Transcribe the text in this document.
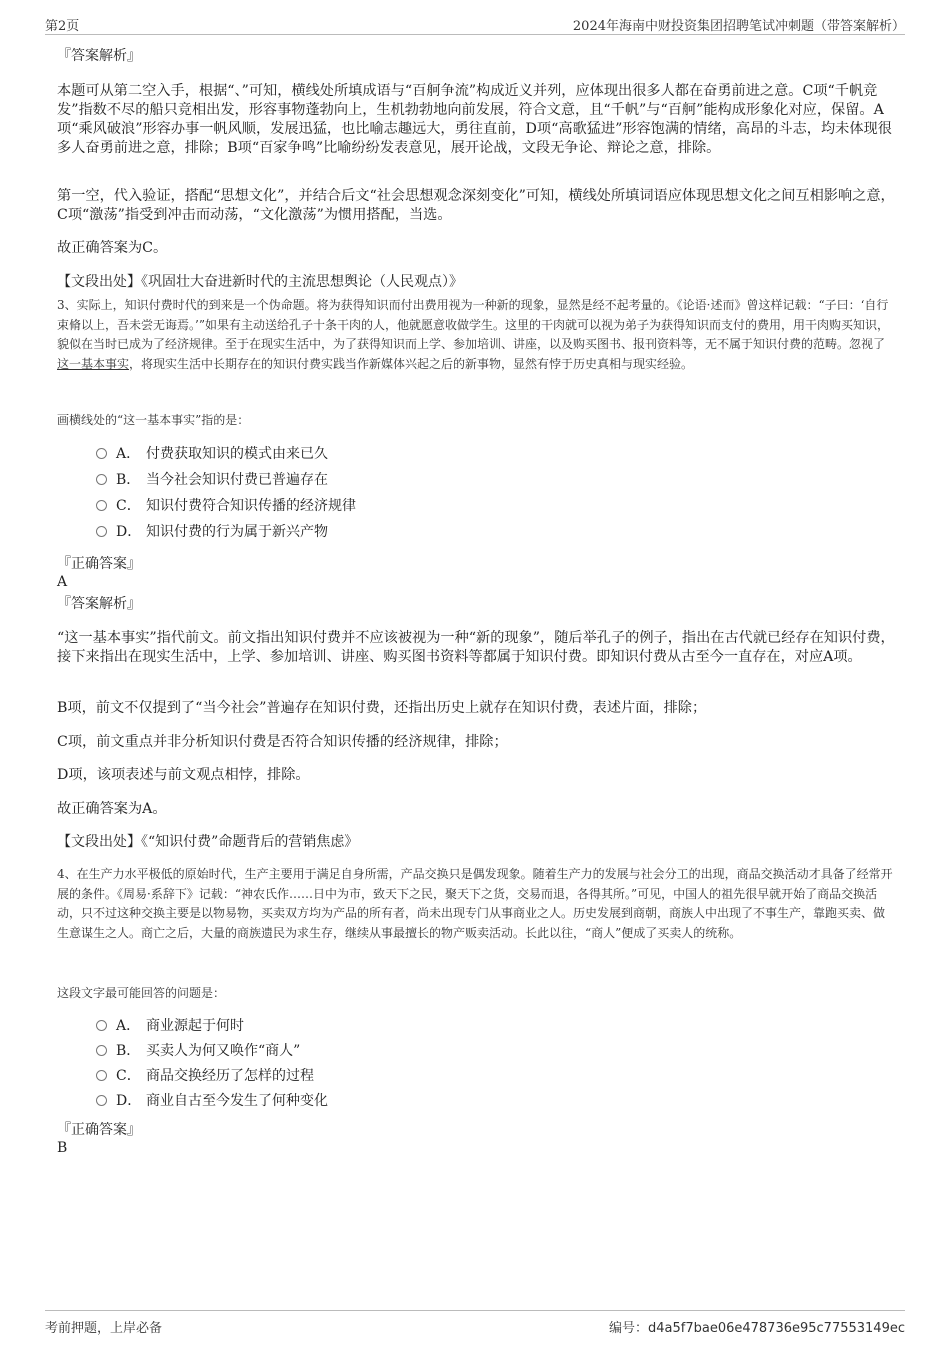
第2页	2024年海南中财投资集团招聘笔试冲刺题（带答案解析）
『答案解析』
本题可从第二空入手，根据“、”可知，横线处所填成语与“百舸争流”构成近义并列，应体现出很多人都在奋勇前进之意。C项“千帆竞发”指数不尽的船只竞相出发，形容事物蓬勃向上，生机勃勃地向前发展，符合文意，且“千帆”与“百舸”能构成形象化对应，保留。A项“乘风破浪”形容办事一帆风顺，发展迅猛，也比喻志趣远大，勇往直前，D项“高歌猛进”形容饱满的情绪，高昂的斗志，均未体现很多人奋勇前进之意，排除；B项“百家争鸣”比喻纷纷发表意见，展开论战，文段无争论、辩论之意，排除。
第一空，代入验证，搭配“思想文化”，并结合后文“社会思想观念深刻变化”可知，横线处所填词语应体现思想文化之间互相影响之意，C项“激荡”指受到冲击而动荡，“文化激荡”为惯用搭配，当选。
故正确答案为C。
【文段出处】《巩固壮大奋进新时代的主流思想舆论（人民观点）》
3、实际上，知识付费时代的到来是一个伪命题。将为获得知识而付出费用视为一种新的现象，显然是经不起考量的。《论语·述而》曾这样记载：“子曰：‘自行束脩以上，吾未尝无诲焉。’”如果有主动送给孔子十条干肉的人，他就愿意收做学生。这里的干肉就可以视为弟子为获得知识而支付的费用，用干肉购买知识，貌似在当时已成为了经济规律。至于在现实生活中，为了获得知识而上学、参加培训、讲座，以及购买图书、报刊资料等，无不属于知识付费的范畴。忽视了这一基本事实，将现实生活中长期存在的知识付费实践当作新媒体兴起之后的新事物，显然有悖于历史真相与现实经验。
画横线处的“这一基本事实”指的是：
A． 付费获取知识的模式由来已久
B． 当今社会知识付费已普遍存在
C． 知识付费符合知识传播的经济规律
D． 知识付费的行为属于新兴产物
『正确答案』
A
『答案解析』
“这一基本事实”指代前文。前文指出知识付费并不应该被视为一种“新的现象”，随后举孔子的例子，指出在古代就已经存在知识付费，接下来指出在现实生活中，上学、参加培训、讲座、购买图书资料等都属于知识付费。即知识付费从古至今一直存在，对应A项。
B项，前文不仅提到了“当今社会”普遍存在知识付费，还指出历史上就存在知识付费，表述片面，排除；
C项，前文重点并非分析知识付费是否符合知识传播的经济规律，排除；
D项，该项表述与前文观点相悖，排除。
故正确答案为A。
【文段出处】《“知识付费”命题背后的营销焦虑》
4、在生产力水平极低的原始时代，生产主要用于满足自身所需，产品交换只是偶发现象。随着生产力的发展与社会分工的出现，商品交换活动才具备了经常开展的条件。《周易·系辞下》记载：“神农氏作……日中为市，致天下之民，聚天下之货，交易而退，各得其所。”可见，中国人的祖先很早就开始了商品交换活动，只不过这种交换主要是以物易物，买卖双方均为产品的所有者，尚未出现专门从事商业之人。历史发展到商朝，商族人中出现了不事生产，靠跑买卖、做生意谋生之人。商亡之后，大量的商族遗民为求生存，继续从事最擅长的物产贩卖活动。长此以往，“商人”便成了买卖人的统称。
这段文字最可能回答的问题是：
A． 商业源起于何时
B． 买卖人为何又唤作“商人”
C． 商品交换经历了怎样的过程
D． 商业自古至今发生了何种变化
『正确答案』
B
考前押题，上岸必备	编号：d4a5f7bae06e478736e95c77553149ec
